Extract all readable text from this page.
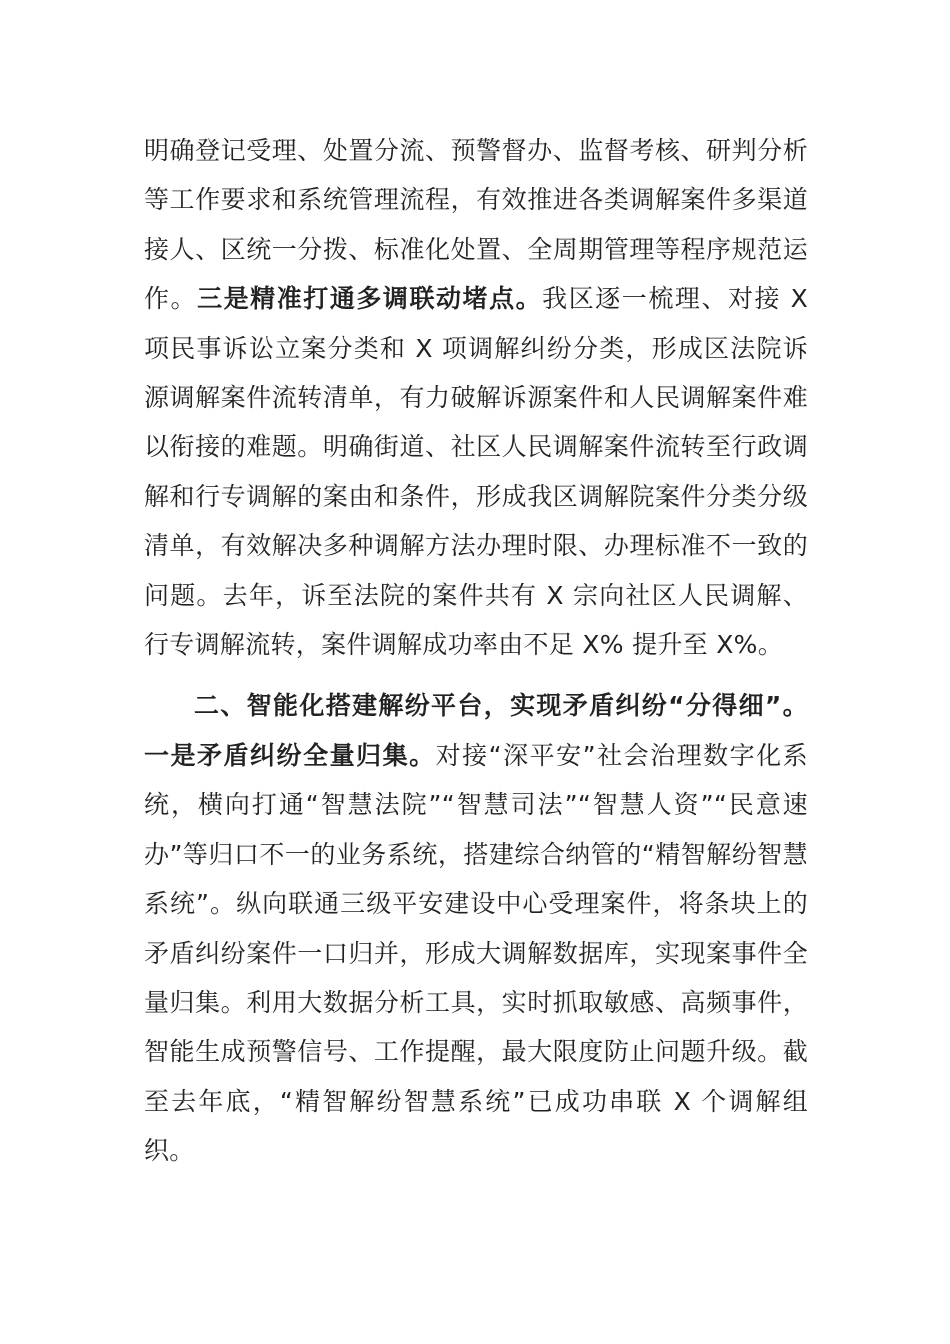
明确登记受理、处置分流、预警督办、监督考核、研判分析等工作要求和系统管理流程，有效推进各类调解案件多渠道接人、区统一分拨、标准化处置、全周期管理等程序规范运作。三是精准打通多调联动堵点。我区逐一梳理、对接 X 项民事诉讼立案分类和 X 项调解纠纷分类，形成区法院诉源调解案件流转清单，有力破解诉源案件和人民调解案件难以衔接的难题。明确街道、社区人民调解案件流转至行政调解和行专调解的案由和条件，形成我区调解院案件分类分级清单，有效解决多种调解方法办理时限、办理标准不一致的问题。去年，诉至法院的案件共有 X 宗向社区人民调解、行专调解流转，案件调解成功率由不足 X% 提升至 X%。

二、智能化搭建解纷平台，实现矛盾纠纷“分得细”。一是矛盾纠纷全量归集。对接“深平安”社会治理数字化系统，横向打通“智慧法院”“智慧司法”“智慧人资”“民意速办”等归口不一的业务系统，搭建综合纳管的“精智解纷智慧系统”。纵向联通三级平安建设中心受理案件，将条块上的矛盾纠纷案件一口归并，形成大调解数据库，实现案事件全量归集。利用大数据分析工具，实时抓取敏感、高频事件，智能生成预警信号、工作提醒，最大限度防止问题升级。截至去年底，“精智解纷智慧系统”已成功串联 X 个调解组织。
